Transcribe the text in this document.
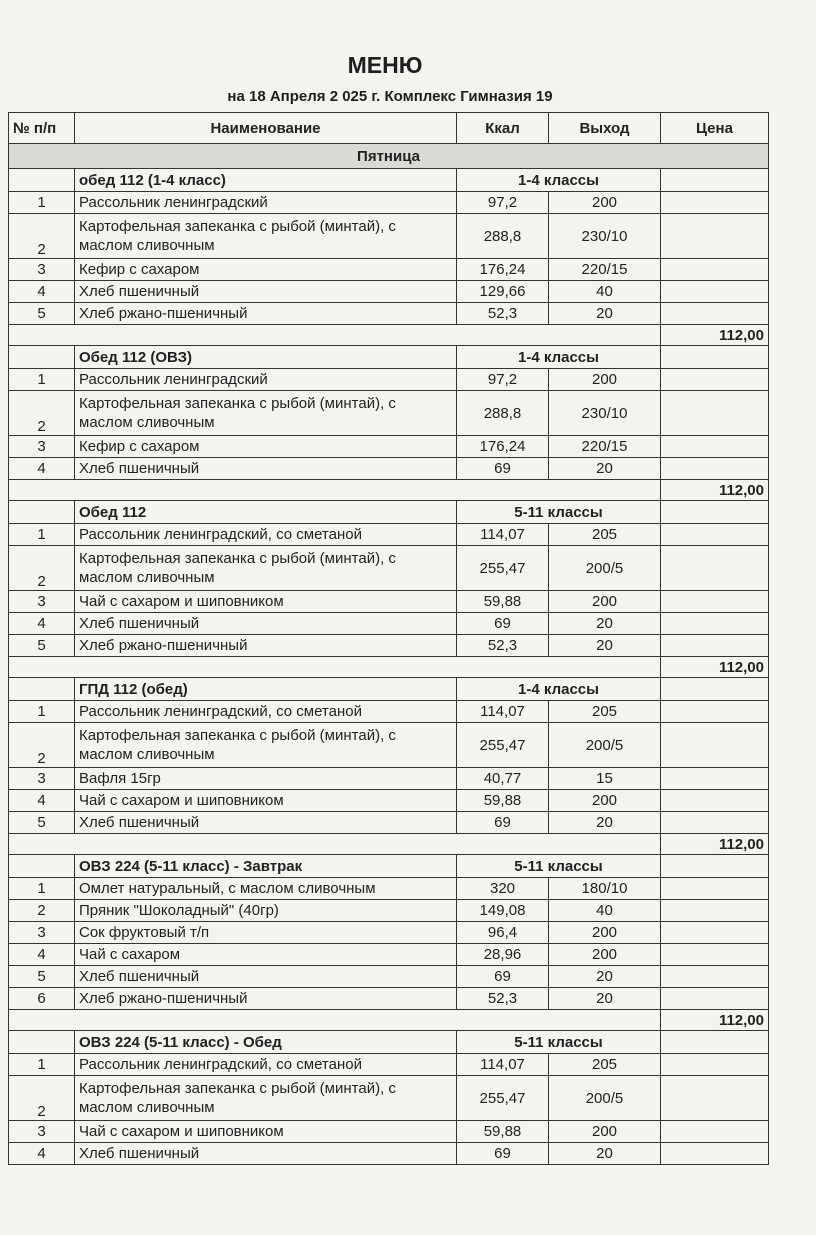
МЕНЮ
на 18 Апреля 2 025 г. Комплекс Гимназия 19
№ п/п	Наименование	Ккал	Выход	Цена
Пятница				
	обед 112 (1-4 класс)	1-4 классы		
1	Рассольник ленинградский	97,2	200	
2	Картофельная запеканка с рыбой (минтай), с маслом сливочным	288,8	230/10	
3	Кефир с сахаром	176,24	220/15	
4	Хлеб пшеничный	129,66	40	
5	Хлеб ржано-пшеничный	52,3	20	
				112,00
	Обед 112 (ОВЗ)	1-4 классы		
1	Рассольник ленинградский	97,2	200	
2	Картофельная запеканка с рыбой (минтай), с маслом сливочным	288,8	230/10	
3	Кефир с сахаром	176,24	220/15	
4	Хлеб пшеничный	69	20	
				112,00
	Обед 112	5-11 классы		
1	Рассольник ленинградский, со сметаной	114,07	205	
2	Картофельная запеканка с рыбой (минтай), с маслом сливочным	255,47	200/5	
3	Чай с сахаром и шиповником	59,88	200	
4	Хлеб пшеничный	69	20	
5	Хлеб ржано-пшеничный	52,3	20	
				112,00
	ГПД 112 (обед)	1-4 классы		
1	Рассольник ленинградский, со сметаной	114,07	205	
2	Картофельная запеканка с рыбой (минтай), с маслом сливочным	255,47	200/5	
3	Вафля 15гр	40,77	15	
4	Чай с сахаром и шиповником	59,88	200	
5	Хлеб пшеничный	69	20	
				112,00
	ОВЗ 224 (5-11 класс) - Завтрак	5-11 классы		
1	Омлет натуральный, с маслом сливочным	320	180/10	
2	Пряник "Шоколадный" (40гр)	149,08	40	
3	Сок фруктовый т/п	96,4	200	
4	Чай с сахаром	28,96	200	
5	Хлеб пшеничный	69	20	
6	Хлеб ржано-пшеничный	52,3	20	
				112,00
	ОВЗ 224 (5-11 класс) - Обед	5-11 классы		
1	Рассольник ленинградский, со сметаной	114,07	205	
2	Картофельная запеканка с рыбой (минтай), с маслом сливочным	255,47	200/5	
3	Чай с сахаром и шиповником	59,88	200	
4	Хлеб пшеничный	69	20	
